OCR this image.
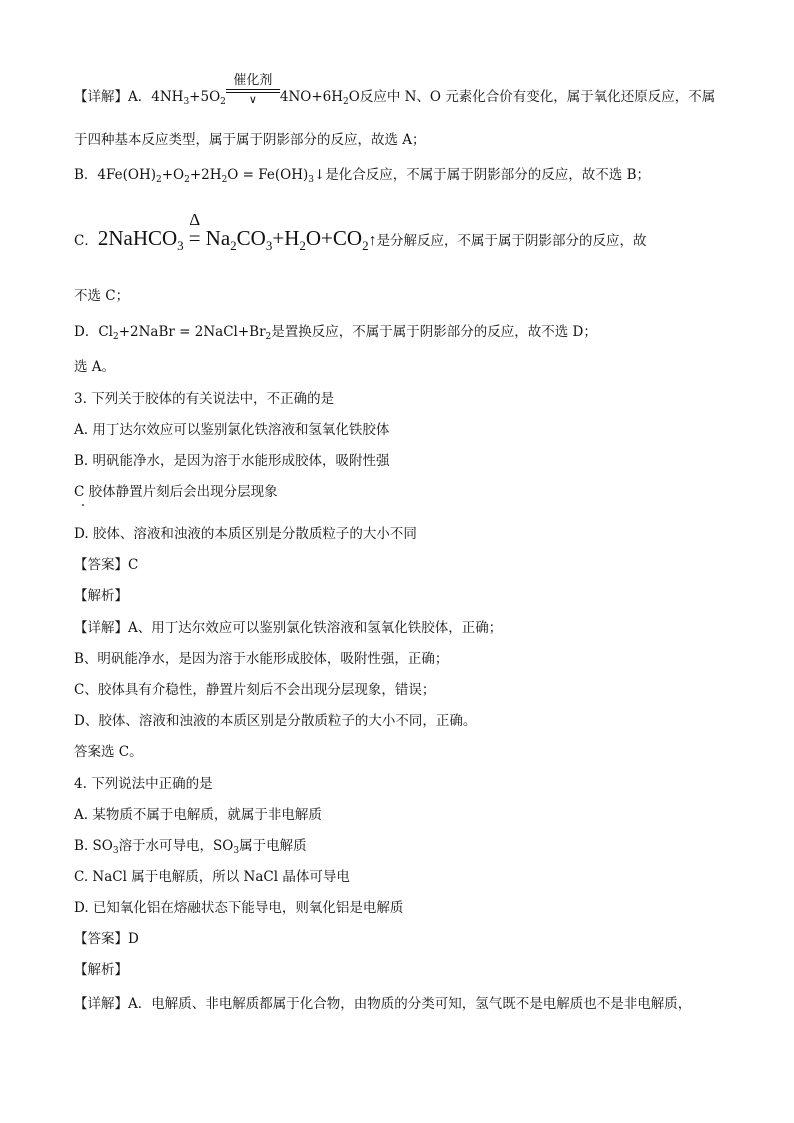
【详解】A．$4NH_3+5O_2$
催化剂
∨	$4NO+6H_2O$反应中 N、O 元素化合价有变化，属于氧化还原反应，不属
于四种基本反应类型，属于属于阴影部分的反应，故选 A；
B．$4Fe(OH)_2+O_2+2H_2O$ = $Fe(OH)_3↓$是化合反应，不属于属于阴影部分的反应，故不选 B；
C．2NaHCO$_3$
Δ
= $Na_2CO_3+H_2O+CO_2↑$是分解反应，不属于属于阴影部分的反应，故
不选 C；
D．$Cl_2+2NaBr$ = $2NaCl+Br_2$是置换反应，不属于属于阴影部分的反应，故不选 D；
选 A。
3. 下列关于胶体的有关说法中，不正确的是
A. 用丁达尔效应可以鉴别氯化铁溶液和氢氧化铁胶体
B. 明矾能净水，是因为溶于水能形成胶体，吸附性强
C 胶体静置片刻后会出现分层现象
D. 胶体、溶液和浊液的本质区别是分散质粒子的大小不同
【答案】C
【解析】
【详解】A、用丁达尔效应可以鉴别氯化铁溶液和氢氧化铁胶体，正确；
B、明矾能净水，是因为溶于水能形成胶体，吸附性强，正确；
C、胶体具有介稳性，静置片刻后不会出现分层现象，错误；
D、胶体、溶液和浊液的本质区别是分散质粒子的大小不同，正确。
答案选 C。
4. 下列说法中正确的是
A. 某物质不属于电解质，就属于非电解质
B. $SO_3$溶于水可导电，$SO_3$属于电解质
C. NaCl 属于电解质，所以 NaCl 晶体可导电
D. 已知氧化铝在熔融状态下能导电，则氧化铝是电解质
【答案】D
【解析】
【详解】A．电解质、非电解质都属于化合物，由物质的分类可知，氢气既不是电解质也不是非电解质，
